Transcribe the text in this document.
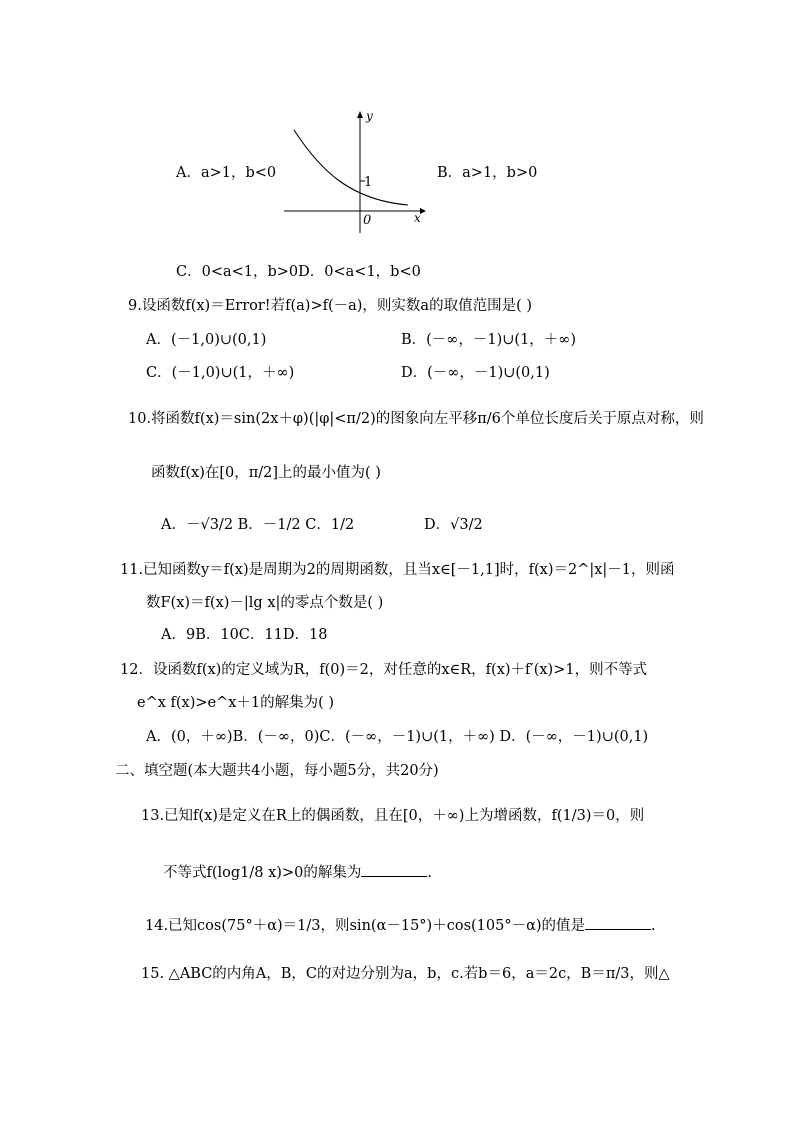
A．a>1，b<0
y
x
1
0
B．a>1，b>0
C．0<a<1，b>0D．0<a<1，b<0
9.设函数f(x)＝Error!若f(a)>f(－a)，则实数a的取值范围是( )
A．(－1,0)∪(0,1)	B．(－∞，－1)∪(1，＋∞)
C．(－1,0)∪(1，＋∞)	D．(－∞，－1)∪(0,1)
10.将函数f(x)＝sin(2x＋φ)(|φ|<π/2)的图象向左平移π/6个单位长度后关于原点对称，则
函数f(x)在[0，π/2]上的最小值为( )
A．－√3/2 B．－1/2 C．1/2	D．√3/2
11.已知函数y＝f(x)是周期为2的周期函数，且当x∈[－1,1]时，f(x)＝2^|x|－1，则函
数F(x)＝f(x)－|lg x|的零点个数是( )
A．9B．10C．11D．18
12．设函数f(x)的定义域为R，f(0)＝2，对任意的x∈R，f(x)＋f′(x)>1，则不等式
e^x f(x)>e^x＋1的解集为( )
A．(0，＋∞)B．(－∞，0)C．(－∞，－1)∪(1，＋∞) D．(－∞，－1)∪(0,1)
二、填空题(本大题共4小题，每小题5分，共20分)
13.已知f(x)是定义在R上的偶函数，且在[0，＋∞)上为增函数，f(1/3)＝0，则
不等式f(log1/8 x)>0的解集为	.
14.已知cos(75°＋α)＝1/3，则sin(α－15°)＋cos(105°－α)的值是	.
15. △ABC的内角A，B，C的对边分别为a，b，c.若b＝6，a＝2c，B＝π/3，则△
